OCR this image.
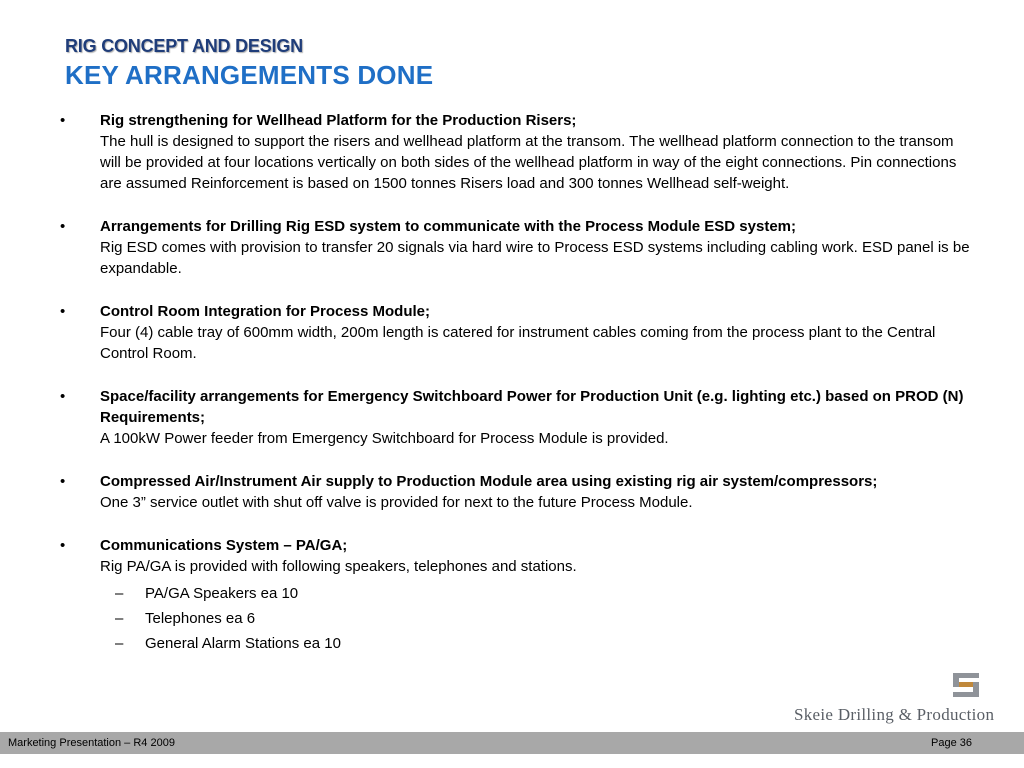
RIG CONCEPT AND DESIGN
KEY ARRANGEMENTS DONE
• Rig strengthening for Wellhead Platform for the Production Risers;
The hull is designed to support the risers and wellhead platform at the transom. The wellhead platform connection to the transom will be provided at four locations vertically on both sides of the wellhead platform in way of the eight connections. Pin connections are assumed Reinforcement is based on 1500 tonnes Risers load and 300 tonnes Wellhead self-weight.
• Arrangements for Drilling Rig ESD system to communicate with the Process Module ESD system;
Rig ESD comes with provision to transfer 20 signals via hard wire to Process ESD systems including cabling work. ESD panel is be expandable.
• Control Room Integration for Process Module;
Four (4) cable tray of 600mm width, 200m length is catered for instrument cables coming from the process plant to the Central Control Room.
• Space/facility arrangements for Emergency Switchboard Power for Production Unit (e.g. lighting etc.) based on PROD (N) Requirements;
A 100kW Power feeder from Emergency Switchboard for Process Module is provided.
• Compressed Air/Instrument Air supply to Production Module area using existing rig air system/compressors;
One 3” service outlet with shut off valve is provided for next to the future Process Module.
• Communications System – PA/GA;
Rig PA/GA is provided with following speakers, telephones and stations.
– PA/GA Speakers ea 10
– Telephones ea 6
– General Alarm Stations ea 10
Skeie Drilling & Production
Marketing Presentation – R4 2009	Page 36
